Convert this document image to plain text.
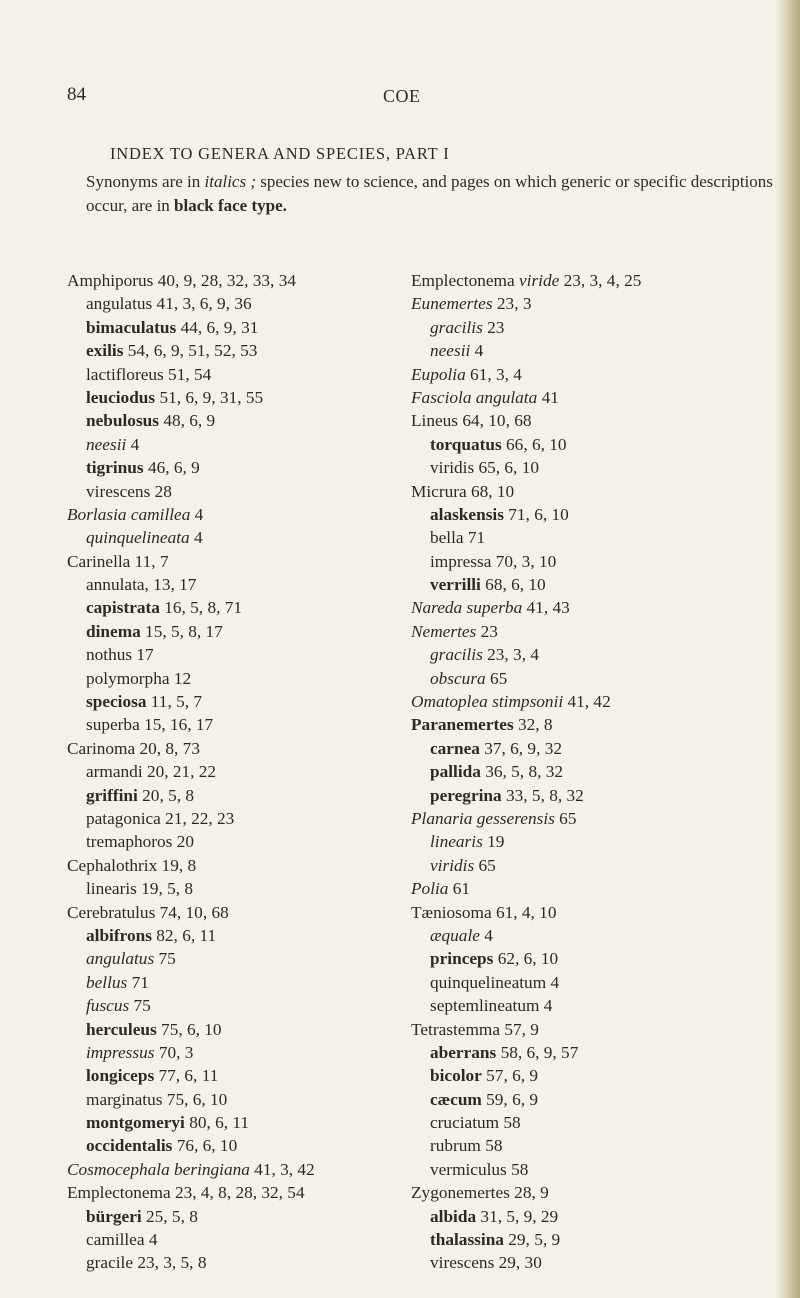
84	COE
INDEX TO GENERA AND SPECIES, PART I
Synonyms are in italics ; species new to science, and pages on which generic or specific descriptions occur, are in black face type.
Amphiporus 40, 9, 28, 32, 33, 34
angulatus 41, 3, 6, 9, 36
bimaculatus 44, 6, 9, 31
exilis 54, 6, 9, 51, 52, 53
lactifloreus 51, 54
leuciodus 51, 6, 9, 31, 55
nebulosus 48, 6, 9
neesii 4
tigrinus 46, 6, 9
virescens 28
Borlasia camillea 4
quinquelineata 4
Carinella 11, 7
annulata, 13, 17
capistrata 16, 5, 8, 71
dinema 15, 5, 8, 17
nothus 17
polymorpha 12
speciosa 11, 5, 7
superba 15, 16, 17
Carinoma 20, 8, 73
armandi 20, 21, 22
griffini 20, 5, 8
patagonica 21, 22, 23
tremaphoros 20
Cephalothrix 19, 8
linearis 19, 5, 8
Cerebratulus 74, 10, 68
albifrons 82, 6, 11
angulatus 75
bellus 71
fuscus 75
herculeus 75, 6, 10
impressus 70, 3
longiceps 77, 6, 11
marginatus 75, 6, 10
montgomeryi 80, 6, 11
occidentalis 76, 6, 10
Cosmocephala beringiana 41, 3, 42
Emplectonema 23, 4, 8, 28, 32, 54
bürgeri 25, 5, 8
camillea 4
gracile 23, 3, 5, 8
Emplectonema viride 23, 3, 4, 25
Eunemertes 23, 3
gracilis 23
neesii 4
Eupolia 61, 3, 4
Fasciola angulata 41
Lineus 64, 10, 68
torquatus 66, 6, 10
viridis 65, 6, 10
Micrura 68, 10
alaskensis 71, 6, 10
bella 71
impressa 70, 3, 10
verrilli 68, 6, 10
Nareda superba 41, 43
Nemertes 23
gracilis 23, 3, 4
obscura 65
Omatoplea stimpsonii 41, 42
Paranemertes 32, 8
carnea 37, 6, 9, 32
pallida 36, 5, 8, 32
peregrina 33, 5, 8, 32
Planaria gesserensis 65
linearis 19
viridis 65
Polia 61
Tæniosoma 61, 4, 10
æquale 4
princeps 62, 6, 10
quinquelineatum 4
septemlineatum 4
Tetrastemma 57, 9
aberrans 58, 6, 9, 57
bicolor 57, 6, 9
cæcum 59, 6, 9
cruciatum 58
rubrum 58
vermiculus 58
Zygonemertes 28, 9
albida 31, 5, 9, 29
thalassina 29, 5, 9
virescens 29, 30
